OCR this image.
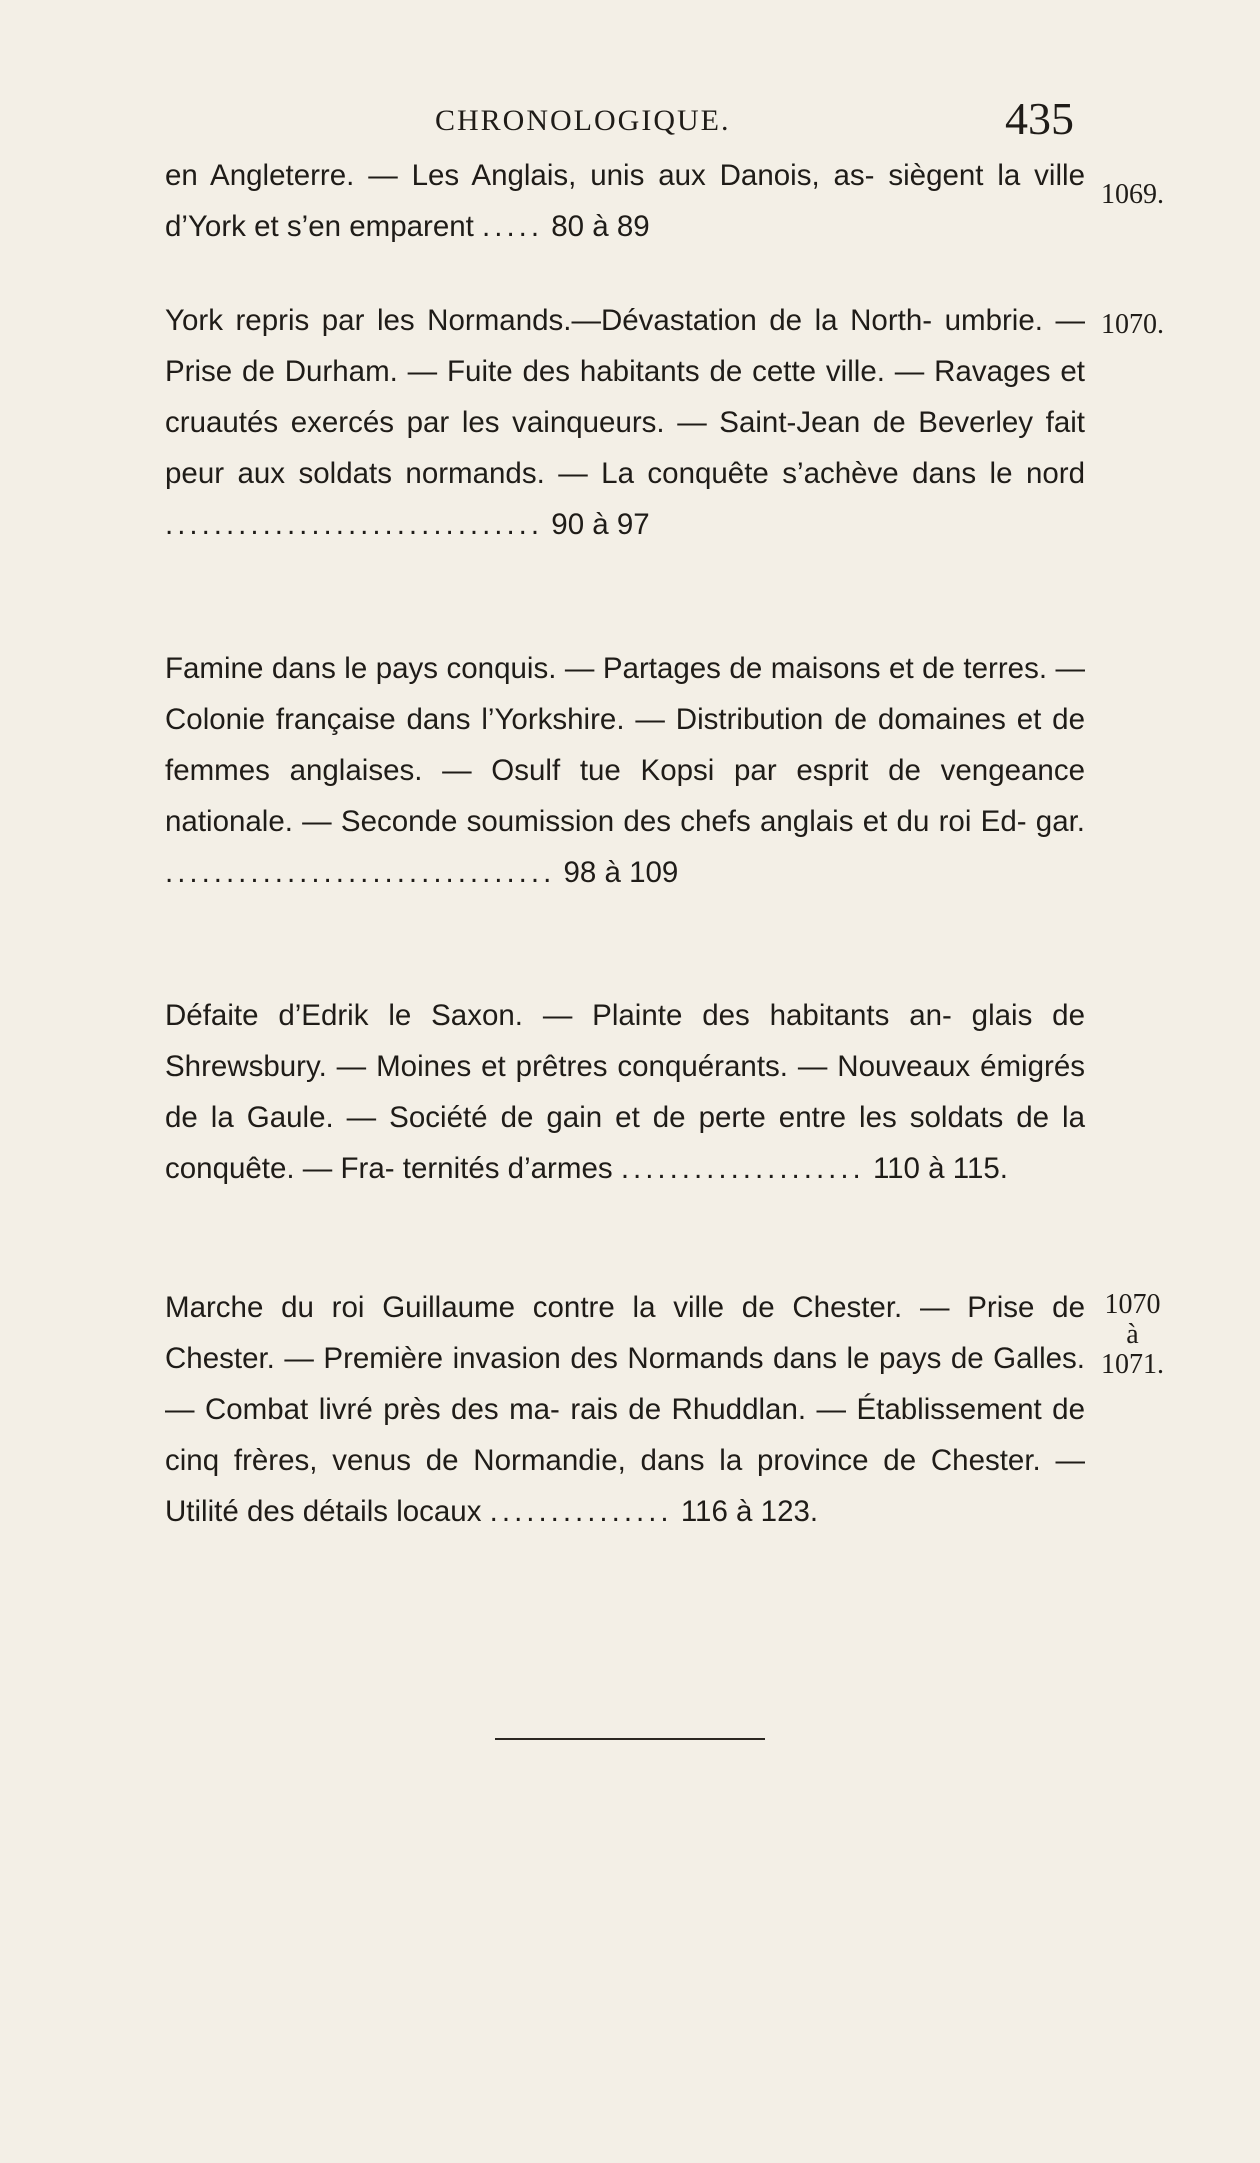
CHRONOLOGIQUE.	435

en Angleterre. — Les Anglais, unis aux Danois, as- siègent la ville d’York et s’en emparent ..... 80 à 89

1069.

York repris par les Normands.—Dévastation de la North- umbrie. — Prise de Durham. — Fuite des habitants de cette ville. — Ravages et cruautés exercés par les vainqueurs. — Saint-Jean de Beverley fait peur aux soldats normands. — La conquête s’achève dans le nord ............................... 90 à 97

1070.

Famine dans le pays conquis. — Partages de maisons et de terres. — Colonie française dans l’Yorkshire. — Distribution de domaines et de femmes anglaises. — Osulf tue Kopsi par esprit de vengeance nationale. — Seconde soumission des chefs anglais et du roi Ed- gar. ................................ 98 à 109

Défaite d’Edrik le Saxon. — Plainte des habitants an- glais de Shrewsbury. — Moines et prêtres conquérants. — Nouveaux émigrés de la Gaule. — Société de gain et de perte entre les soldats de la conquête. — Fra- ternités d’armes .................... 110 à 115.

Marche du roi Guillaume contre la ville de Chester. — Prise de Chester. — Première invasion des Normands dans le pays de Galles. — Combat livré près des ma- rais de Rhuddlan. — Établissement de cinq frères, venus de Normandie, dans la province de Chester. — Utilité des détails locaux ............... 116 à 123.

1070
à
1071.
